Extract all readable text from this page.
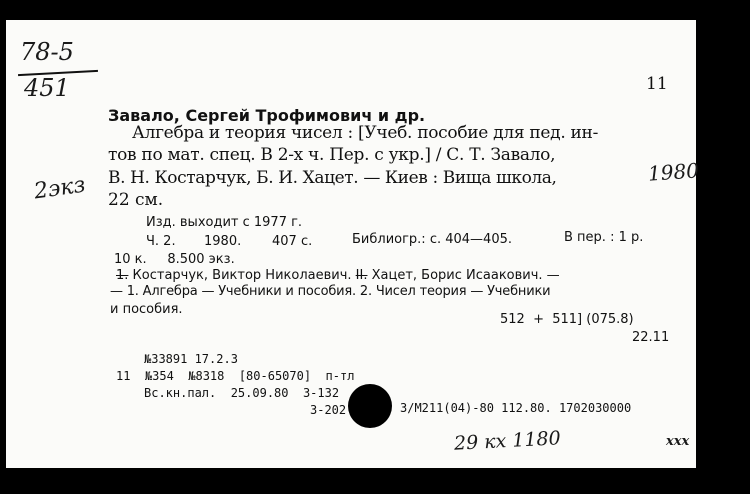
78-5
451	11
Завало, Сергей Трофимович и др.
Алгебра и теория чисел : [Учеб. пособие для пед. ин-
тов по мат. спец. В 2-х ч. Пер. с укр.] / С. Т. Завало,
В. Н. Костарчук, Б. И. Хацет. — Киев : Вища школа,
22 см.
2экз
1980
Изд. выходит с 1977 г.
Ч. 2. 1980. 407 с.	Библиогр.: с. 404—405.	В пер. : 1 р.
10 к.     8.500 экз.
1. Костарчук, Виктор Николаевич. II. Хацет, Борис Исаакович. —
— 1. Алгебра — Учебники и пособия. 2. Чисел теория — Учебники
и пособия.
512  +  511] (075.8)
22.11
№33891 17.2.3
11  №354  №8318  [80-65070]  п-тл
Вс.кн.пал.  25.09.80  З-132
З-202	3/М211(04)-80 112.80. 1702030000
29 кх 1180	xxx
